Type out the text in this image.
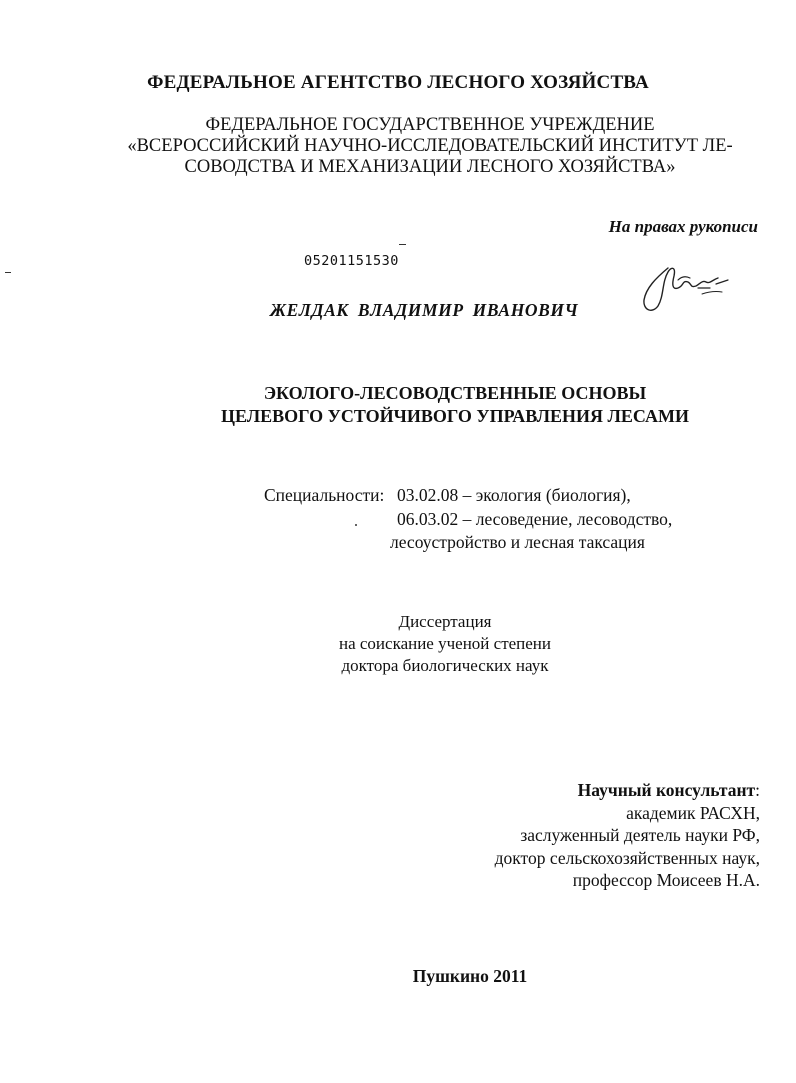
ФЕДЕРАЛЬНОЕ АГЕНТСТВО ЛЕСНОГО ХОЗЯЙСТВА

ФЕДЕРАЛЬНОЕ ГОСУДАРСТВЕННОЕ УЧРЕЖДЕНИЕ
«ВСЕРОССИЙСКИЙ НАУЧНО-ИССЛЕДОВАТЕЛЬСКИЙ ИНСТИТУТ ЛЕ-
СОВОДСТВА И МЕХАНИЗАЦИИ ЛЕСНОГО ХОЗЯЙСТВА»

На правах рукописи

05201151530

ЖЕЛДАК ВЛАДИМИР ИВАНОВИЧ

ЭКОЛОГО-ЛЕСОВОДСТВЕННЫЕ ОСНОВЫ
ЦЕЛЕВОГО УСТОЙЧИВОГО УПРАВЛЕНИЯ ЛЕСАМИ

Специальности: 03.02.08 – экология (биология),

06.03.02 – лесоведение, лесоводство,

лесоустройство и лесная таксация

Диссертация
на соискание ученой степени
доктора биологических наук
Научный консультант:
академик РАСХН,
заслуженный деятель науки РФ,
доктор сельскохозяйственных наук,
профессор Моисеев Н.А.

Пушкино 2011
